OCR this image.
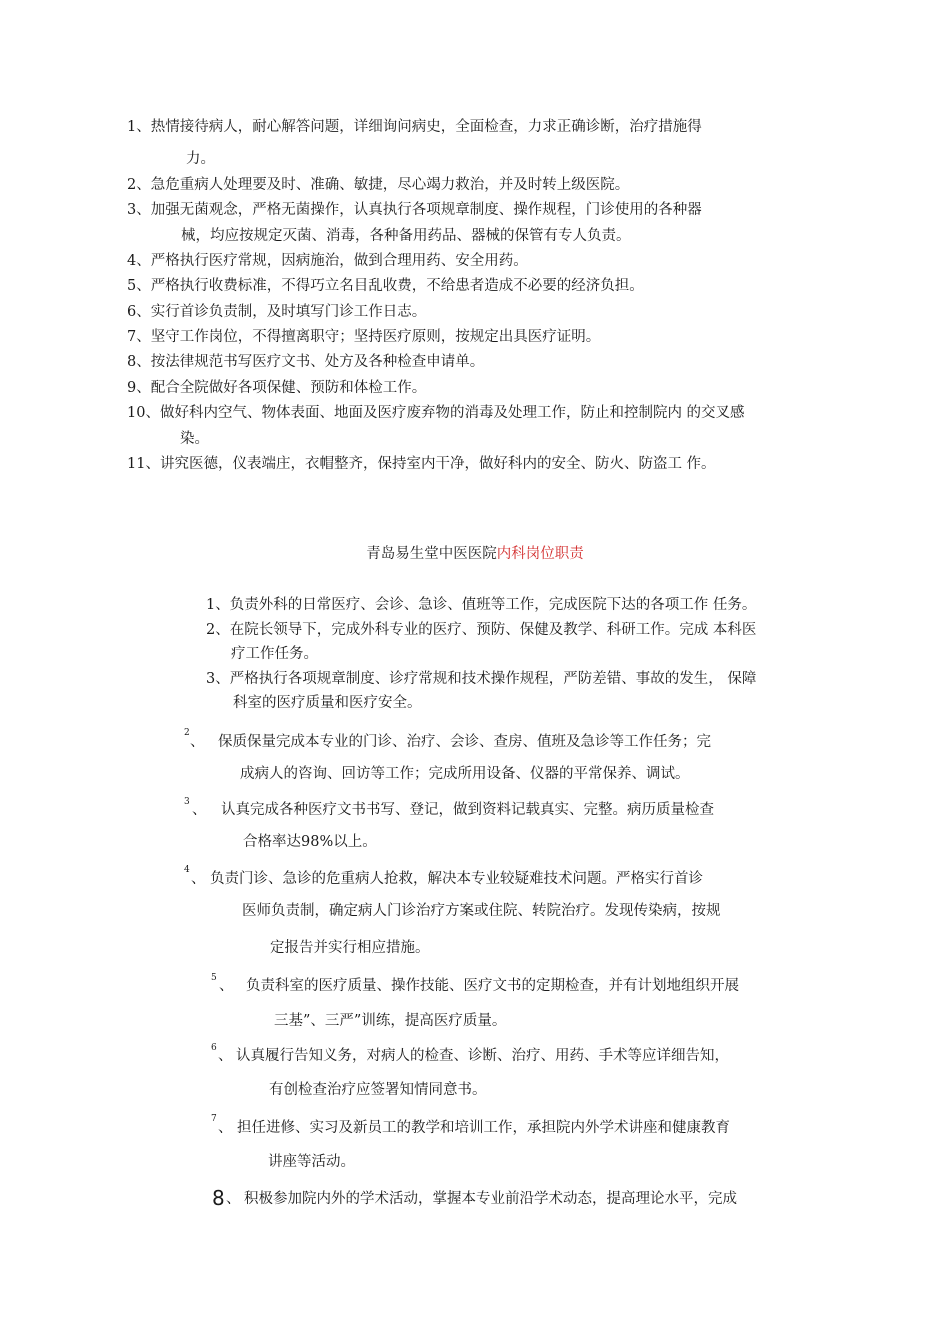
1、热情接待病人，耐心解答问题，详细询问病史，全面检查，力求正确诊断，治疗措施得
力。
2、急危重病人处理要及时、准确、敏捷，尽心竭力救治，并及时转上级医院。
3、加强无菌观念，严格无菌操作，认真执行各项规章制度、操作规程，门诊使用的各种器
械，均应按规定灭菌、消毒，各种备用药品、器械的保管有专人负责。
4、严格执行医疗常规，因病施治，做到合理用药、安全用药。
5、严格执行收费标准，不得巧立名目乱收费，不给患者造成不必要的经济负担。
6、实行首诊负责制，及时填写门诊工作日志。
7、坚守工作岗位，不得擅离职守；坚持医疗原则，按规定出具医疗证明。
8、按法律规范书写医疗文书、处方及各种检查申请单。
9、配合全院做好各项保健、预防和体检工作。
10、做好科内空气、物体表面、地面及医疗废弃物的消毒及处理工作，防止和控制院内 的交叉感
染。
11、讲究医德，仪表端庄，衣帽整齐，保持室内干净，做好科内的安全、防火、防盗工 作。
青岛易生堂中医医院内科岗位职责
1、负责外科的日常医疗、会诊、急诊、值班等工作，完成医院下达的各项工作 任务。
2、在院长领导下，完成外科专业的医疗、预防、保健及教学、科研工作。完成 本科医
疗工作任务。
3、严格执行各项规章制度、诊疗常规和技术操作规程，严防差错、事故的发生， 保障
科室的医疗质量和医疗安全。
2
、 保质保量完成本专业的门诊、治疗、会诊、查房、值班及急诊等工作任务；完
成病人的咨询、回访等工作；完成所用设备、仪器的平常保养、调试。
3 、 认真完成各种医疗文书书写、登记，做到资料记载真实、完整。病历质量检查
合格率达98%以上。
4
、 负责门诊、急诊的危重病人抢救，解决本专业较疑难技术问题。严格实行首诊
医师负责制，确定病人门诊治疗方案或住院、转院治疗。发现传染病，按规
定报告并实行相应措施。
5 、 负责科室的医疗质量、操作技能、医疗文书的定期检查，并有计划地组织开展
三基”、三严”训练，提高医疗质量。
6 、 认真履行告知义务，对病人的检查、诊断、治疗、用药、手术等应详细告知，
有创检查治疗应签署知情同意书。
7
、 担任进修、实习及新员工的教学和培训工作，承担院内外学术讲座和健康教育
讲座等活动。
8 、 积极参加院内外的学术活动，掌握本专业前沿学术动态，提高理论水平，完成
